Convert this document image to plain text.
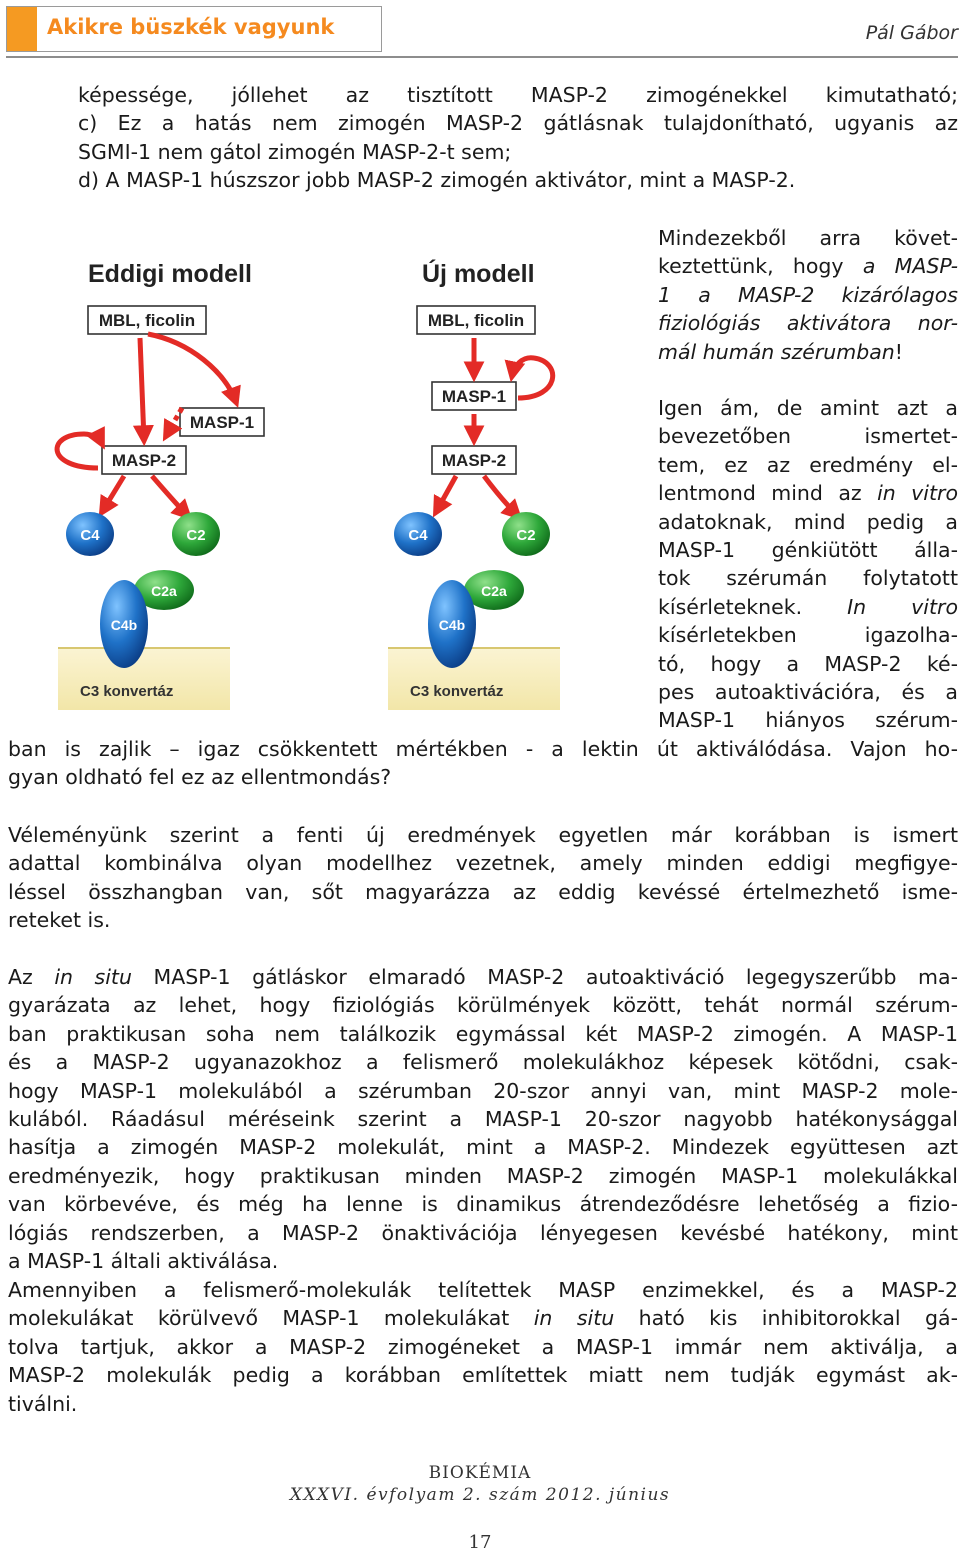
Akikre büszkék vagyunk	Pál Gábor
képessége, jóllehet az tisztított MASP-2 zimogénekkel kimutatható;
c) Ez a hatás nem zimogén MASP-2 gátlásnak tulajdonítható, ugyanis az
SGMI-1 nem gátol zimogén MASP-2-t sem;
d) A MASP-1 húszszor jobb MASP-2 zimogén aktivátor, mint a MASP-2.
Eddigi modell
MBL, ficolin
MASP-1
MASP-2
C3 konvertáz
C4	C2
C2a
C4b
Új modell
MBL, ficolin
MASP-1
MASP-2
C3 konvertáz
C4	C2
C2a
C4b
Mindezekből arra követ-
keztettünk, hogy a MASP-
1 a MASP-2 kizárólagos
fiziológiás aktivátora nor-
mál humán szérumban!
Igen ám, de amint azt a
bevezetőben ismertet-
tem, ez az eredmény el-
lentmond mind az in vitro
adatoknak, mind pedig a
MASP-1 génkiütött álla-
tok szérumán folytatott
kísérleteknek. In vitro
kísérletekben igazolha-
tó, hogy a MASP-2 ké-
pes autoaktivációra, és a
MASP-1 hiányos szérum-
ban is zajlik – igaz csökkentett mértékben - a lektin út aktiválódása. Vajon ho-
gyan oldható fel ez az ellentmondás?
Véleményünk szerint a fenti új eredmények egyetlen már korábban is ismert
adattal kombinálva olyan modellhez vezetnek, amely minden eddigi megfigye-
léssel összhangban van, sőt magyarázza az eddig kevéssé értelmezhető isme-
reteket is.
Az in situ MASP-1 gátláskor elmaradó MASP-2 autoaktiváció legegyszerűbb ma-
gyarázata az lehet, hogy fiziológiás körülmények között, tehát normál szérum-
ban praktikusan soha nem találkozik egymással két MASP-2 zimogén. A MASP-1
és a MASP-2 ugyanazokhoz a felismerő molekulákhoz képesek kötődni, csak-
hogy MASP-1 molekulából a szérumban 20-szor annyi van, mint MASP-2 mole-
kulából. Ráadásul méréseink szerint a MASP-1 20-szor nagyobb hatékonysággal
hasítja a zimogén MASP-2 molekulát, mint a MASP-2. Mindezek együttesen azt
eredményezik, hogy praktikusan minden MASP-2 zimogén MASP-1 molekulákkal
van körbevéve, és még ha lenne is dinamikus átrendeződésre lehetőség a fizio-
lógiás rendszerben, a MASP-2 önaktivációja lényegesen kevésbé hatékony, mint
a MASP-1 általi aktiválása.
Amennyiben a felismerő-molekulák telítettek MASP enzimekkel, és a MASP-2
molekulákat körülvevő MASP-1 molekulákat in situ ható kis inhibitorokkal gá-
tolva tartjuk, akkor a MASP-2 zimogéneket a MASP-1 immár nem aktiválja, a
MASP-2 molekulák pedig a korábban említettek miatt nem tudják egymást ak-
tiválni.
BIOKÉMIA
XXXVI. évfolyam 2. szám 2012. június
17
